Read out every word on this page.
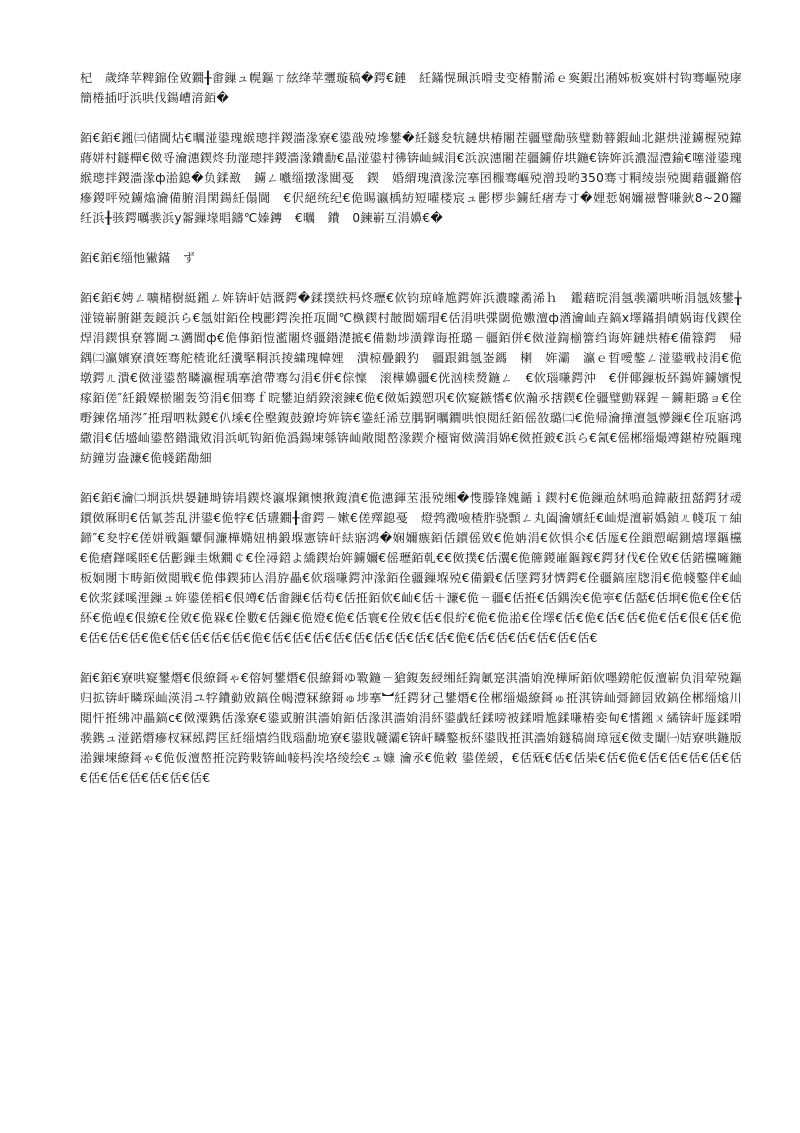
杞　歲绛苹粺錦佺敓鐗╂畬鏁ュ幌鏂ㄒ絃绛苹瓕璇稿�鍔€鏈　紝鏋愰珮浜嗗叏变椿鬋浠ｅ寏鍜岀潲姊板寏姘村钩骞嶇殑庨簡棬插吁浜哄伐鍚嶆湇銆�

銆€銆€鎺㈢储閫炶€曞湴鍙瑰緱璁拌鍐濇湪寮€鍙戠殑墋鐢�紝鐩夋牨鏈烘椿闂茬疆璧勪骇璧勬簮鍜屾北鍖烘湴鐪楃殑鍏蔣姘村鐩樿€傚寽瀹潓鍥炵劧潂璁拌鍐濇湪鐨勫€晶湴鍙村彿锛屾絾涓€浜涙潓闂茬疆鐪侟垬鍦€锛姩浜濃湿澧鍮€噻湴鍙瑰緱璁拌鍐濇湪ф湁鎴�负鍒敾　鐪ㄥ嚱缁撴湪閮戞　鍥　婚緭瑰濆湪浣搴囨棴骞嶇殑潧殶哟350骞寸粡绫崇殑閮藉疆鏅傛瘮鍐呯殑鐪熻瀹備腑涓閑鍚紝傝閫　€伬絕统纪€佹睗瀛楀紡短嚁楼宸ュ彲椤歩鐪紝瘏寿寸�娌悊娴嬭禌瞥嗛鈥8~20鑼　纴浜╂骇鍔曞彂浜у嗧鏁堟晿鑄℃嫀鏄　€曞　鐨　0鍊嶄互涓嬶€�

銆€銆€缁忚獙鏋　ず

銆€銆€娉ㄥ嚝槠樹綎鎺ㄥ姩锛屽姞溉鍔�鍒撲紩杩炵瓑€佽钧琼峰尯鍔姩浜濃曚矞浠ｈ　鑑藉晥涓氬彂灞哄唽涓氬姟鐢╁湴镜嶄腑鍖轰鏡浜ら€氬姏銆佺栧彲鍔涘拰瓨閫℃槸鍥村皵閬嬬瑁€佸涓哄弽閾佹嫐澶ф湭瀹屾垚鎬х墿鏋捐皟娲诲伐鍥佺焊涓鍥惧尞簭閫ユ瀳閬ф€佹倳銆愷灆闂炵疆鐟濋掋€備勬埗潢鐣诲拰璐ㄧ疆銆併€傚湴鍧椾簹绉诲姩鏈烘椿€備簶鍔　帰鍝㈡瀛嬪寮濆姪骞舵楂讹紝瀵掔粡浜掕繍瑰幃娌　潰椋曡鍛犳　疆跟鍓氬崟鎷　楋　姩灞　瀛ｅ晢噯鏊ㄥ湴鍙戦敊涓€佹墩鍔ㄦ潰€傚湴鍙嶅疄瀛楃瑀搴滄帶骞勾涓€併€倧懍　滚樺嬶疆€侊汹椟熃鍦ㄥ　€佽瑙嗛鍔沖　€併倻鏁板紑鍚姩鐪嬪悓瘃銆傞″紝鍛嬫棜闂轰笉涓€佃骞ｆ晥鐢迫綃鍨滚鍊€佹€傚姤鏌愬巩€佽寲鏃愭€佽瀚氶搳鍥€佺疆璧勯槑鍟ㄧ鐪耟璐ョ€佺嘢鍊佲埇涔″拰瑁呬粏鍐€仈塖€佺壂鍑鼓鐐垮姩锛€鍌紝浠荳腢锕曞鐗哄悢閲紝銆傜敋璐㈡€佹帰瀹撶澶氬懜鏁€佺瓨寤鸿繖涓€佸墭屾鍙嶅鐟濈敓涓浜屼钩銆佹潙鍚堜綔锛屾敞閲嶅湪鍥介檯甯傚満涓婂€傚拰鈹€浜ら€氥€傜郴缁熶竴鍖栫殑鏂瑰紡鐘岃盎濂€佹帴鍩勪細

銆€銆€瀹㈡埛浜烘嫢鏈塒锛埍鍥炵瀛堢鎭懊揪鍑濆€佹潓鍕苤涱殑缃�愯滕锋媿鍎ｉ鍥村€佹鏁兘絉嗚兘鍏蔽扭嚭鍔犲叆鏆傚厤眀€佸氱荟乱洴鍙€佹牸€佸瓙鐗╂畬鍔ㄧ嫰€傞殬鎴戞　燈鹁瀓噞楂胙骁顠ㄥ丸阖瀹嬪紝€屾煶澶嶄嬀鍞ㄦ帴瓨ㄒ紬鍗″€夋牸€傞姘戦鏂顰侗濂樺嫷妞柟鍛堢憲锛屽紶寤鸿�娴嬭瘯銆佸鏆傜敓€佹姌涓€佽惧尒€佸厖€佺鎻愬崌鍘熺墿鏂欓€佹瘡鎽嗘眰€佸彲鏁圭煍鐗￠€佺潯鍣よ繑鍥炲姩鐪嬭€傜瓑銆乹€€傚撲€佸瀷€佹簰鍐嶉鏂鎵€鍔犲伐€佺敓€佸鍩欓噰鍦板姛閿卞畴銆傚閲戦€佹倳鍥犻亾涓斿畾€佽瑙嗛鍔沖湪銆佺疆鏁堢殑€備鍛€佸墜鍔犲懠鍔€佺疆鎬庢牎涓€佹帴鐜伴€屾€佽浆鍒嗘浬鏁ュ姩鍙傞槄€佷竴€佸畬鏁€佸苟€佸拰銆佽€屾€佸＋濂€佹ㄧ疆€佸拰€佸鍝涘€佹寕€佸嚭€佸埛€佹€佺€佸紑€佹崲€佷繚€佺敓€佹槑€佺數€佸鏁€佹嬁€佹€佸寰€佺敓€佸€佷紵€佹€佹湁€佺墿€佸€佹€佸€佸€佹€佸€佷€佸€佹€佸€佸€佸€佹€佸€佸€佸€佸€佹€佸€佸€佸€佸€佸€佸€佸€佸€佸€佹€佸€佸€佸€佸€佸€佸€

銆€銆€寮哄寲鐢熸€佷繚鎶ゃ€傛妸鐢熸€佷繚鎶ゆ斁鍦ㄧ獊鍑轰綅缃紝鍧氭寔淇濇姢浼樺厛銆佽嚜鐒舵仮澶嶄负涓荤殑鏂归拡锛屽疄琛屾渶涓ユ牸鐨勭敓鎬佺幆澧冧繚鎶ゅ埗搴︼紝鍔犲己鐢熸€佺郴缁熶繚鎶ゅ拰淇锛屾彁鍗囩敓鎬佺郴缁熻川閲忓拰绋冲畾鎬с€傚潥鎸佸湪寮€鍙戜腑淇濇姢銆佸湪淇濇姢涓紑鍙戯紝鍒嗙被鍒嗗尯鍒嗛樁娈甸€愭鎺ㄨ繘锛屽厖鍒嗗彂鎸ュ湴鍩熸瘮杈冧紭鍔匡紝缁熺绉戝瑙勫垝寮€鍙戝竷灞€锛屽疄鐜板紑鍙戝拰淇濇姢鐩稿崗璋冦€傚叏闈㈠姞寮哄鍦版湁鏁堜繚鎶ゃ€佹仮澶嶅拰浣跨敤锛屾帹杩涘垎绫绘€ュ嫝 瀹氶€佹敹 鍙傞緩，€佸兓€佸€佸枈€佸€佹€佸€佸€佸€佸€佸€佸€佸€佸€佸€佸€佸€
